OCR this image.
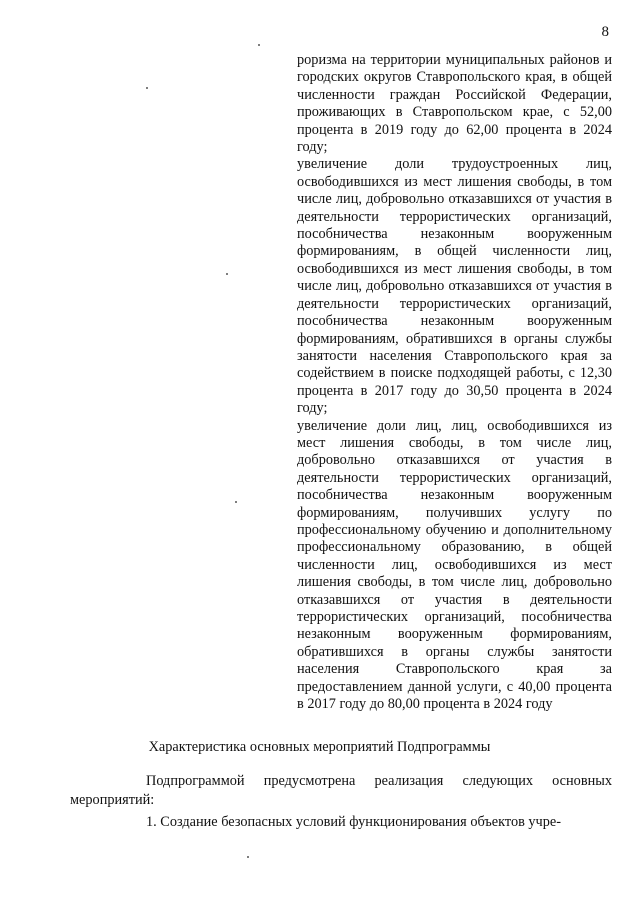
8

роризма на территории муниципальных районов и городских округов Ставропольского края, в общей численности граждан Российской Федерации, проживающих в Ставропольском крае, с 52,00 процента в 2019 году до 62,00 процента в 2024 году;

увеличение доли трудоустроенных лиц, освободившихся из мест лишения свободы, в том числе лиц, добровольно отказавшихся от участия в деятельности террористических организаций, пособничества незаконным вооруженным формированиям, в общей численности лиц, освободившихся из мест лишения свободы, в том числе лиц, добровольно отказавшихся от участия в деятельности террористических организаций, пособничества незаконным вооруженным формированиям, обратившихся в органы службы занятости населения Ставропольского края за содействием в поиске подходящей работы, с 12,30 процента в 2017 году до 30,50 процента в 2024 году;

увеличение доли лиц, лиц, освободившихся из мест лишения свободы, в том числе лиц, добровольно отказавшихся от участия в деятельности террористических организаций, пособничества незаконным вооруженным формированиям, получивших услугу по профессиональному обучению и дополнительному профессиональному образованию, в общей численности лиц, освободившихся из мест лишения свободы, в том числе лиц, добровольно отказавшихся от участия в деятельности террористических организаций, пособничества незаконным вооруженным формированиям, обратившихся в органы службы занятости населения Ставропольского края за предоставлением данной услуги, с 40,00 процента в 2017 году до 80,00 процента в 2024 году

Характеристика основных мероприятий Подпрограммы

Подпрограммой предусмотрена реализация следующих основных мероприятий:

1. Создание безопасных условий функционирования объектов учре-
